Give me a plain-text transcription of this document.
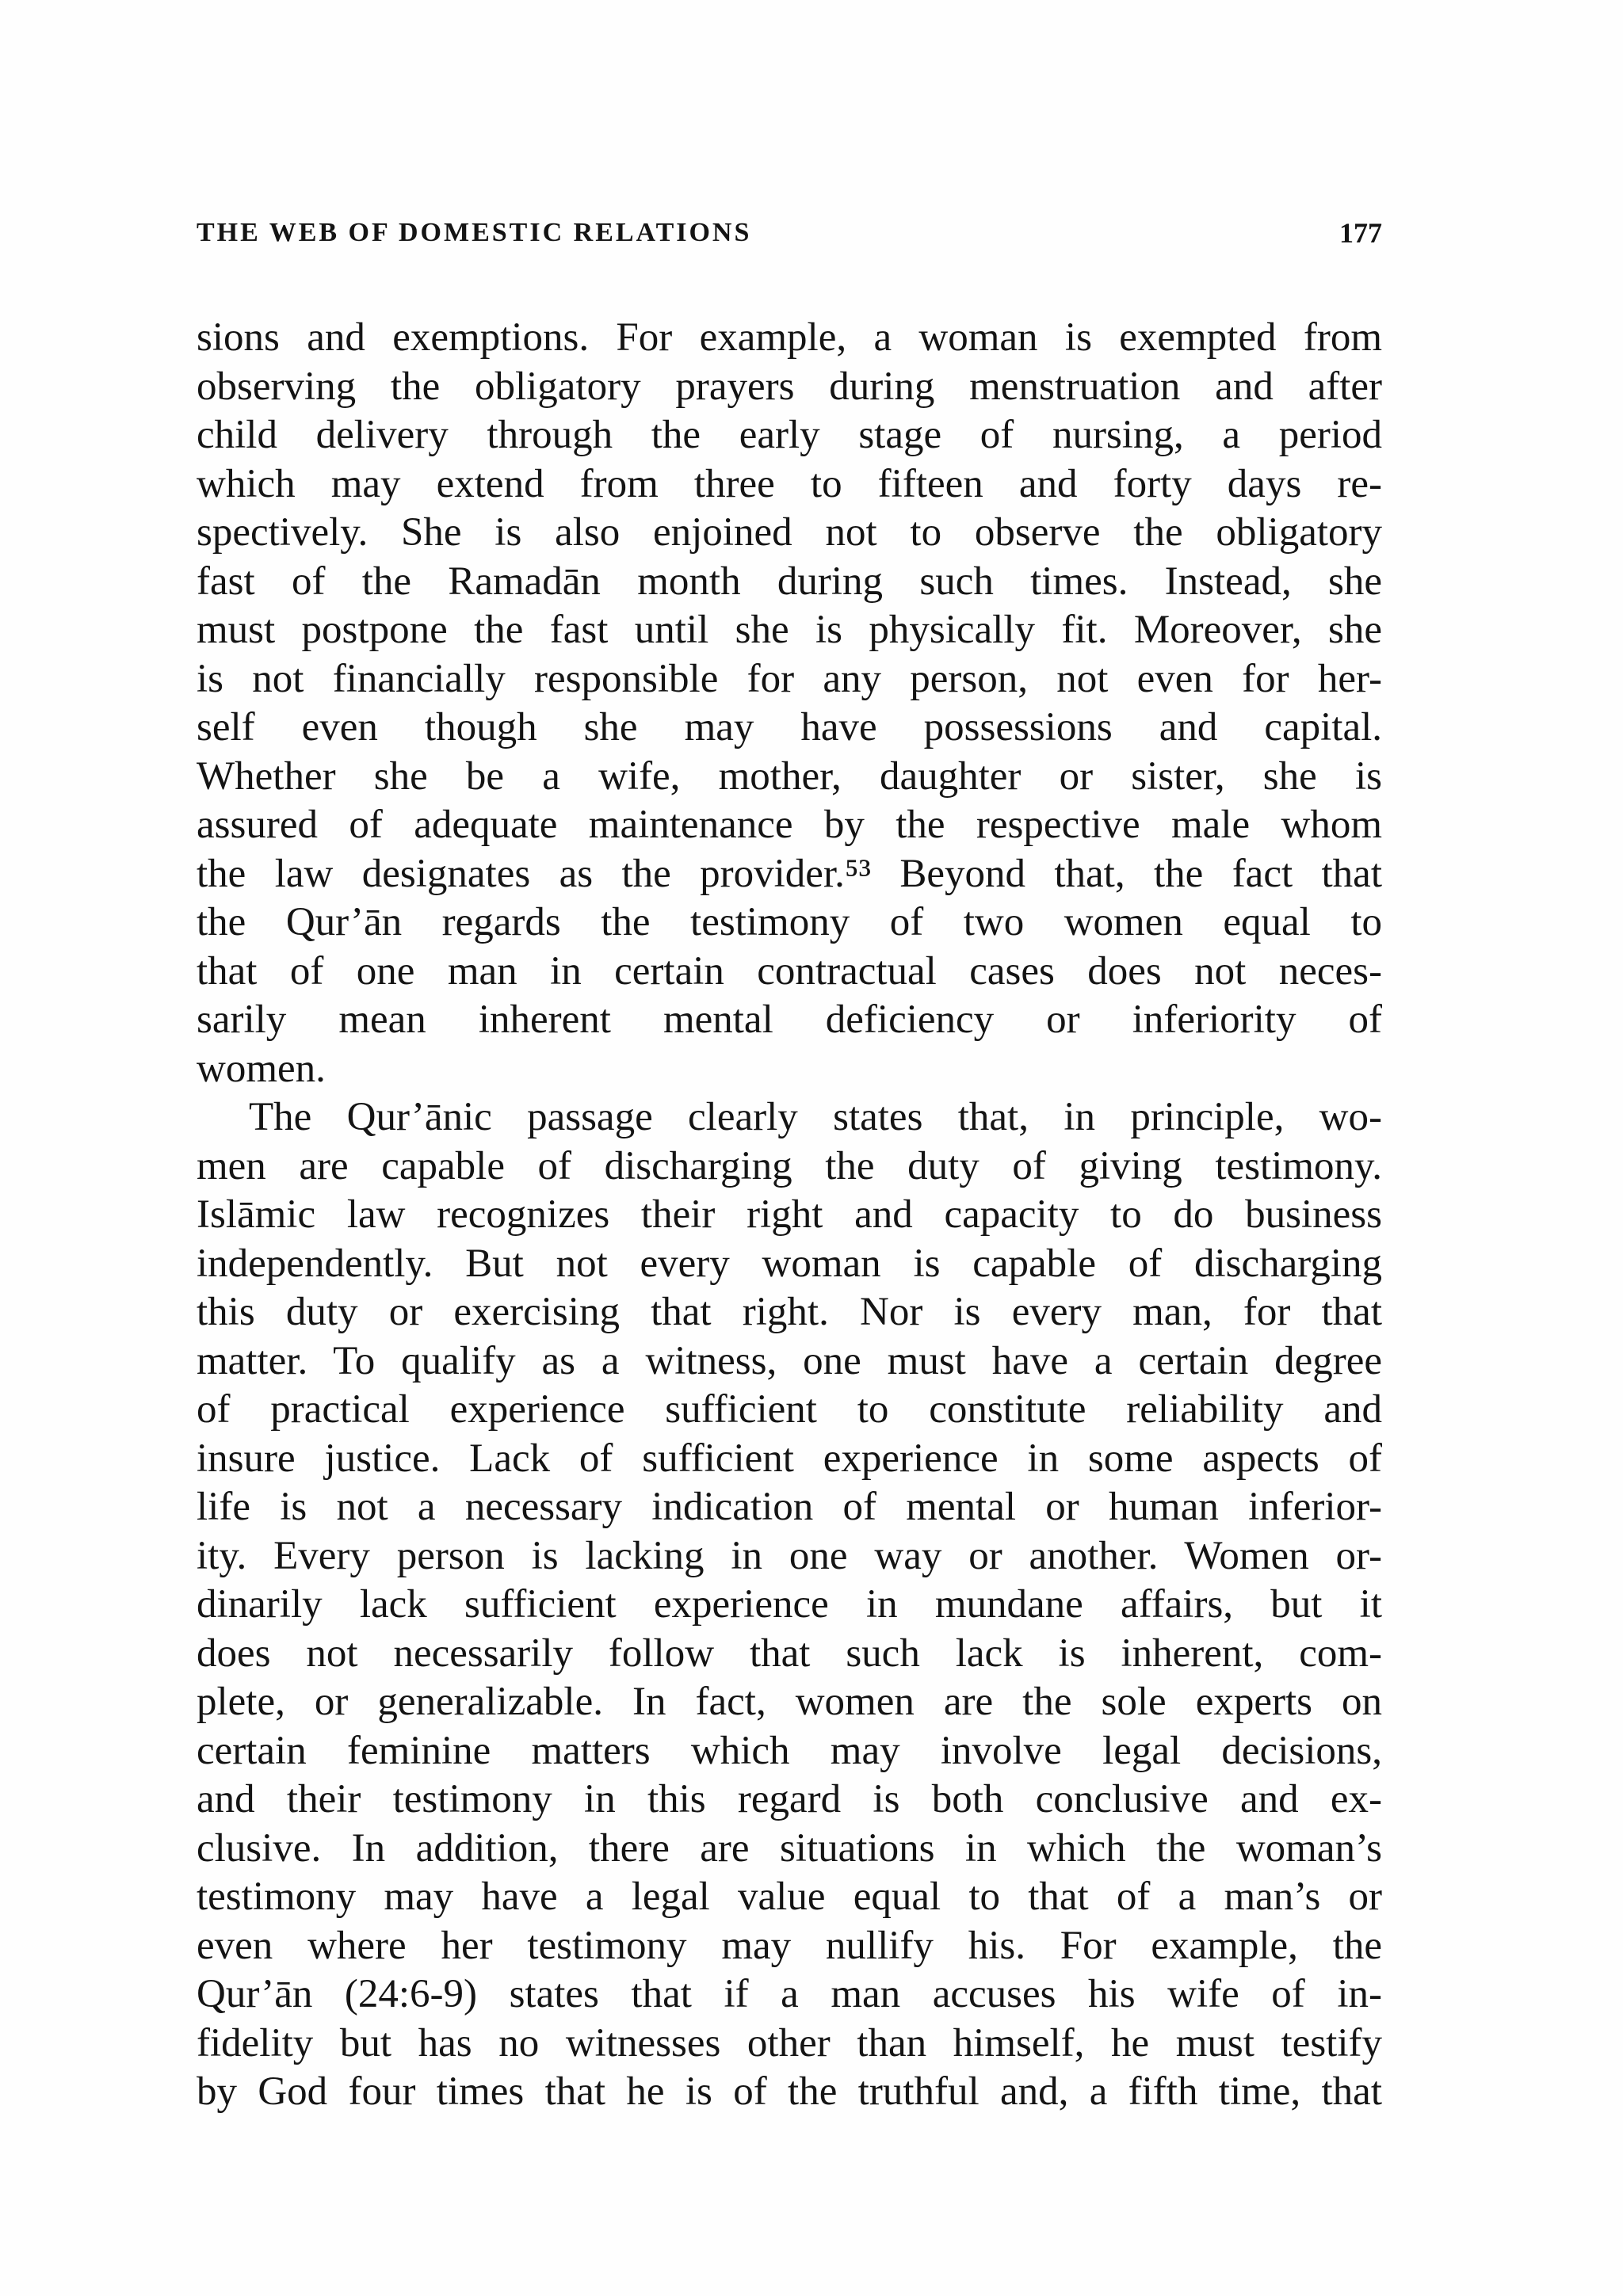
THE WEB OF DOMESTIC RELATIONS	177
sions and exemptions. For example, a woman is exempted from
observing the obligatory prayers during menstruation and after
child delivery through the early stage of nursing, a period
which may extend from three to fifteen and forty days re-
spectively. She is also enjoined not to observe the obligatory
fast of the Ramadān month during such times. Instead, she
must postpone the fast until she is physically fit. Moreover, she
is not financially responsible for any person, not even for her-
self even though she may have possessions and capital.
Whether she be a wife, mother, daughter or sister, she is
assured of adequate maintenance by the respective male whom
the law designates as the provider.⁵³ Beyond that, the fact that
the Qur’ān regards the testimony of two women equal to
that of one man in certain contractual cases does not neces-
sarily mean inherent mental deficiency or inferiority of
women.
The Qur’ānic passage clearly states that, in principle, wo-
men are capable of discharging the duty of giving testimony.
Islāmic law recognizes their right and capacity to do business
independently. But not every woman is capable of discharging
this duty or exercising that right. Nor is every man, for that
matter. To qualify as a witness, one must have a certain degree
of practical experience sufficient to constitute reliability and
insure justice. Lack of sufficient experience in some aspects of
life is not a necessary indication of mental or human inferior-
ity. Every person is lacking in one way or another. Women or-
dinarily lack sufficient experience in mundane affairs, but it
does not necessarily follow that such lack is inherent, com-
plete, or generalizable. In fact, women are the sole experts on
certain feminine matters which may involve legal decisions,
and their testimony in this regard is both conclusive and ex-
clusive. In addition, there are situations in which the woman’s
testimony may have a legal value equal to that of a man’s or
even where her testimony may nullify his. For example, the
Qur’ān (24:6-9) states that if a man accuses his wife of in-
fidelity but has no witnesses other than himself, he must testify
by God four times that he is of the truthful and, a fifth time, that
